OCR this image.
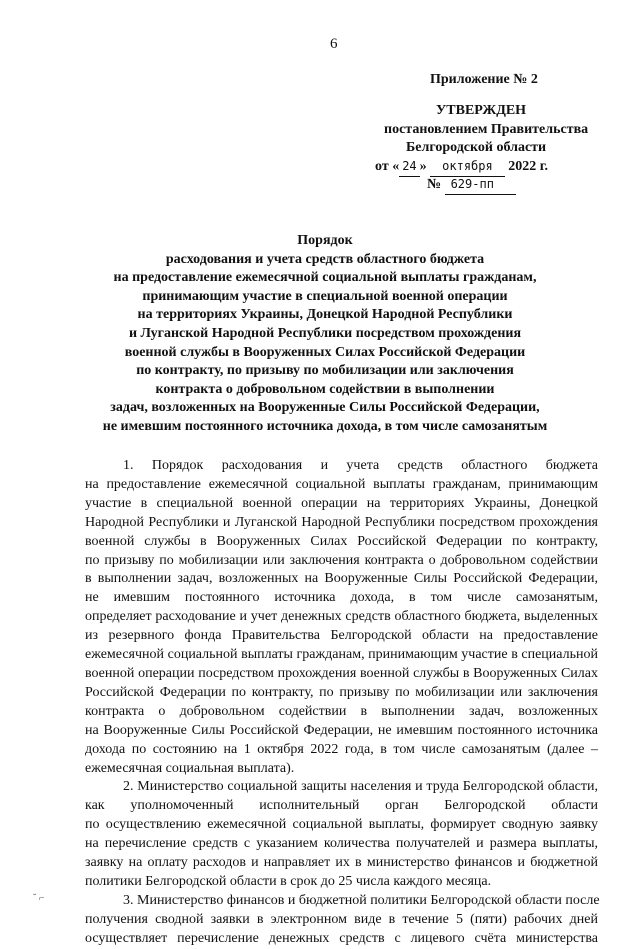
6
Приложение № 2
УТВЕРЖДЕН
постановлением Правительства
Белгородской области
от « 24 » октября 2022 г.
№ 629-пп
Порядок
расходования и учета средств областного бюджета
на предоставление ежемесячной социальной выплаты гражданам,
принимающим участие в специальной военной операции
на территориях Украины, Донецкой Народной Республики
и Луганской Народной Республики посредством прохождения
военной службы в Вооруженных Силах Российской Федерации
по контракту, по призыву по мобилизации или заключения
контракта о добровольном содействии в выполнении
задач, возложенных на Вооруженные Силы Российской Федерации,
не имевшим постоянного источника дохода, в том числе самозанятым
1. Порядок расходования и учета средств областного бюджета
на предоставление ежемесячной социальной выплаты гражданам, принимающим
участие в специальной военной операции на территориях Украины, Донецкой
Народной Республики и Луганской Народной Республики посредством прохождения
военной службы в Вооруженных Силах Российской Федерации по контракту,
по призыву по мобилизации или заключения контракта о добровольном содействии
в выполнении задач, возложенных на Вооруженные Силы Российской Федерации,
не имевшим постоянного источника дохода, в том числе самозанятым,
определяет расходование и учет денежных средств областного бюджета, выделенных
из резервного фонда Правительства Белгородской области на предоставление
ежемесячной социальной выплаты гражданам, принимающим участие в специальной
военной операции посредством прохождения военной службы в Вооруженных Силах
Российской Федерации по контракту, по призыву по мобилизации или заключения
контракта о добровольном содействии в выполнении задач, возложенных
на Вооруженные Силы Российской Федерации, не имевшим постоянного источника
дохода по состоянию на 1 октября 2022 года, в том числе самозанятым (далее –
ежемесячная социальная выплата).
2. Министерство социальной защиты населения и труда Белгородской области,
как уполномоченный исполнительный орган Белгородской области
по осуществлению ежемесячной социальной выплаты, формирует сводную заявку
на перечисление средств с указанием количества получателей и размера выплаты,
заявку на оплату расходов и направляет их в министерство финансов и бюджетной
политики Белгородской области в срок до 25 числа каждого месяца.
3. Министерство финансов и бюджетной политики Белгородской области после
получения сводной заявки в электронном виде в течение 5 (пяти) рабочих дней
осуществляет перечисление денежных средств с лицевого счёта министерства
˘ ⌐
